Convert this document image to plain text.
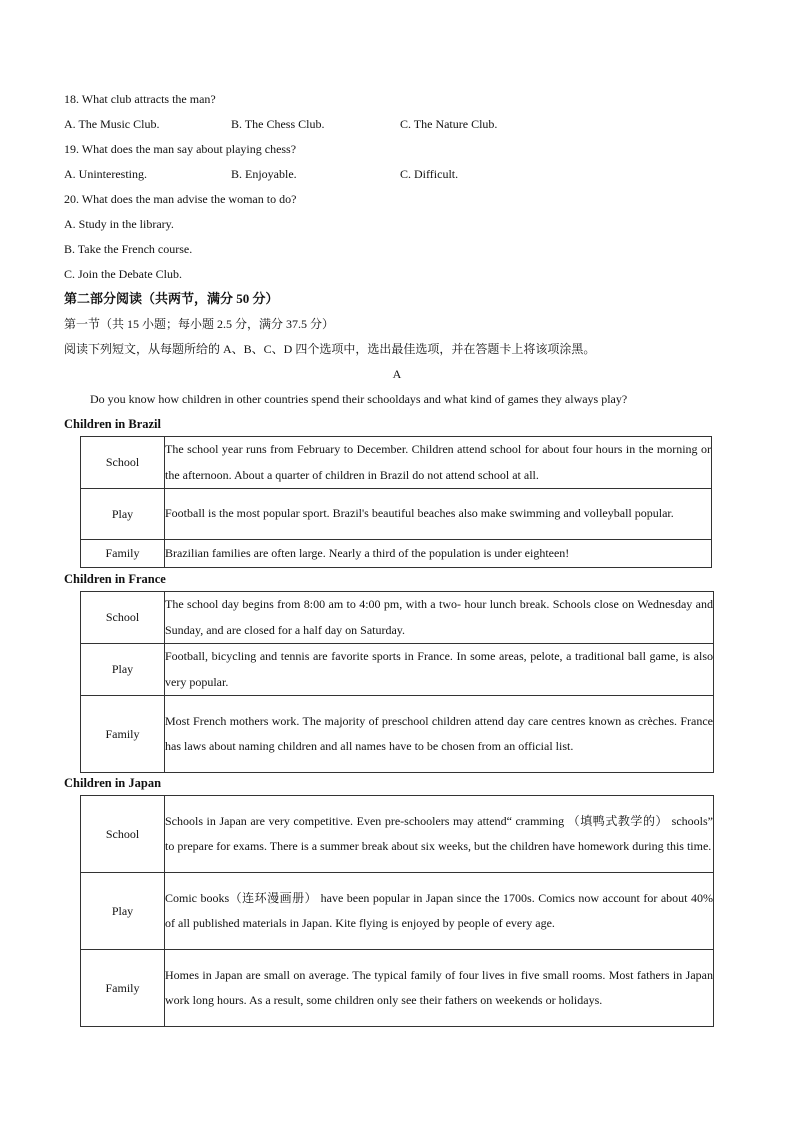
18. What club attracts the man?
A. The Music Club.	B. The Chess Club.	C. The Nature Club.
19. What does the man say about playing chess?
A. Uninteresting.	B. Enjoyable.	C. Difficult.
20. What does the man advise the woman to do?
A. Study in the library.
B. Take the French course.
C. Join the Debate Club.
第二部分阅读（共两节，满分 50 分）
第一节（共 15 小题；每小题 2.5 分，满分 37.5 分）
阅读下列短文，从每题所给的 A、B、C、D 四个选项中，选出最佳选项，并在答题卡上将该项涂黑。
A
Do you know how children in other countries spend their schooldays and what kind of games they always play?
Children in Brazil
School	The school year runs from February to December. Children attend school for about four hours in the morning or the afternoon. About a quarter of children in Brazil do not attend school at all.
Play	Football is the most popular sport. Brazil's beautiful beaches also make swimming and volleyball popular.
Family	Brazilian families are often large. Nearly a third of the population is under eighteen!
Children in France
School	The school day begins from 8:00 am to 4:00 pm, with a two- hour lunch break. Schools close on Wednesday and Sunday, and are closed for a half day on Saturday.
Play	Football, bicycling and tennis are favorite sports in France. In some areas, pelote, a traditional ball game, is also very popular.
Family	Most French mothers work. The majority of preschool children attend day care centres known as crèches. France has laws about naming children and all names have to be chosen from an official list.
Children in Japan
School	Schools in Japan are very competitive. Even pre-schoolers may attend“ cramming （填鸭式教学的） schools” to prepare for exams. There is a summer break about six weeks, but the children have homework during this time.
Play	Comic books（连环漫画册） have been popular in Japan since the 1700s. Comics now account for about 40% of all published materials in Japan. Kite flying is enjoyed by people of every age.
Family	Homes in Japan are small on average. The typical family of four lives in five small rooms. Most fathers in Japan work long hours. As a result, some children only see their fathers on weekends or holidays.
